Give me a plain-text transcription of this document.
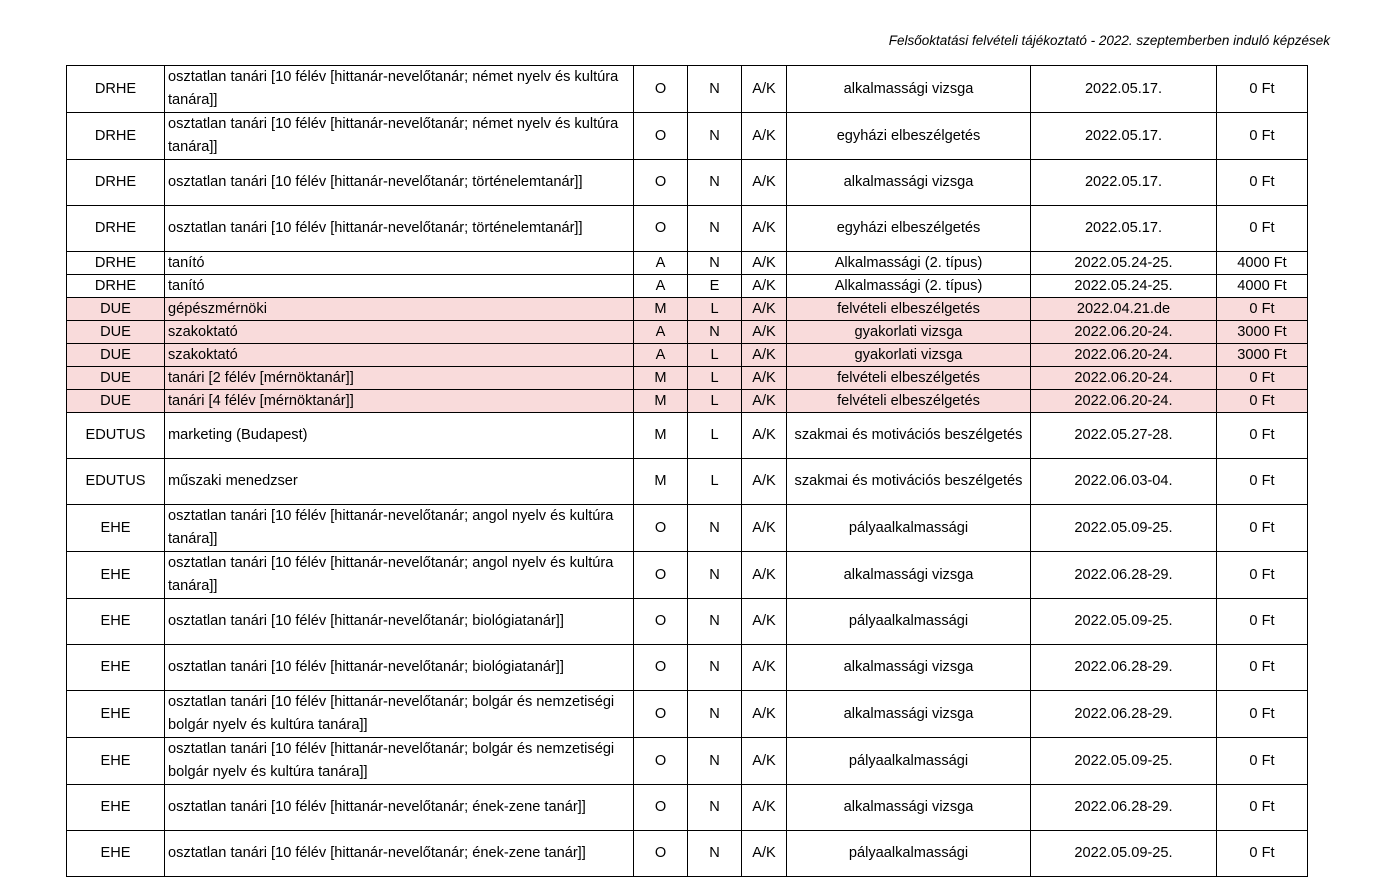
Felsőoktatási felvételi tájékoztató - 2022. szeptemberben induló képzések
DRHE	osztatlan tanári [10 félév [hittanár-nevelőtanár; német nyelv és kultúra tanára]]	O	N	A/K	alkalmassági vizsga	2022.05.17.	0 Ft
DRHE	osztatlan tanári [10 félév [hittanár-nevelőtanár; német nyelv és kultúra tanára]]	O	N	A/K	egyházi elbeszélgetés	2022.05.17.	0 Ft
DRHE	osztatlan tanári [10 félév [hittanár-nevelőtanár; történelemtanár]]	O	N	A/K	alkalmassági vizsga	2022.05.17.	0 Ft
DRHE	osztatlan tanári [10 félév [hittanár-nevelőtanár; történelemtanár]]	O	N	A/K	egyházi elbeszélgetés	2022.05.17.	0 Ft
DRHE	tanító	A	N	A/K	Alkalmassági (2. típus)	2022.05.24-25.	4000 Ft
DRHE	tanító	A	E	A/K	Alkalmassági (2. típus)	2022.05.24-25.	4000 Ft
DUE	gépészmérnöki	M	L	A/K	felvételi elbeszélgetés	2022.04.21.de	0 Ft
DUE	szakoktató	A	N	A/K	gyakorlati vizsga	2022.06.20-24.	3000 Ft
DUE	szakoktató	A	L	A/K	gyakorlati vizsga	2022.06.20-24.	3000 Ft
DUE	tanári [2 félév [mérnöktanár]]	M	L	A/K	felvételi elbeszélgetés	2022.06.20-24.	0 Ft
DUE	tanári [4 félév [mérnöktanár]]	M	L	A/K	felvételi elbeszélgetés	2022.06.20-24.	0 Ft
EDUTUS	marketing (Budapest)	M	L	A/K	szakmai és motivációs beszélgetés	2022.05.27-28.	0 Ft
EDUTUS	műszaki menedzser	M	L	A/K	szakmai és motivációs beszélgetés	2022.06.03-04.	0 Ft
EHE	osztatlan tanári [10 félév [hittanár-nevelőtanár; angol nyelv és kultúra tanára]]	O	N	A/K	pályaalkalmassági	2022.05.09-25.	0 Ft
EHE	osztatlan tanári [10 félév [hittanár-nevelőtanár; angol nyelv és kultúra tanára]]	O	N	A/K	alkalmassági vizsga	2022.06.28-29.	0 Ft
EHE	osztatlan tanári [10 félév [hittanár-nevelőtanár; biológiatanár]]	O	N	A/K	pályaalkalmassági	2022.05.09-25.	0 Ft
EHE	osztatlan tanári [10 félév [hittanár-nevelőtanár; biológiatanár]]	O	N	A/K	alkalmassági vizsga	2022.06.28-29.	0 Ft
EHE	osztatlan tanári [10 félév [hittanár-nevelőtanár; bolgár és nemzetiségi bolgár nyelv és kultúra tanára]]	O	N	A/K	alkalmassági vizsga	2022.06.28-29.	0 Ft
EHE	osztatlan tanári [10 félév [hittanár-nevelőtanár; bolgár és nemzetiségi bolgár nyelv és kultúra tanára]]	O	N	A/K	pályaalkalmassági	2022.05.09-25.	0 Ft
EHE	osztatlan tanári [10 félév [hittanár-nevelőtanár; ének-zene tanár]]	O	N	A/K	alkalmassági vizsga	2022.06.28-29.	0 Ft
EHE	osztatlan tanári [10 félév [hittanár-nevelőtanár; ének-zene tanár]]	O	N	A/K	pályaalkalmassági	2022.05.09-25.	0 Ft
